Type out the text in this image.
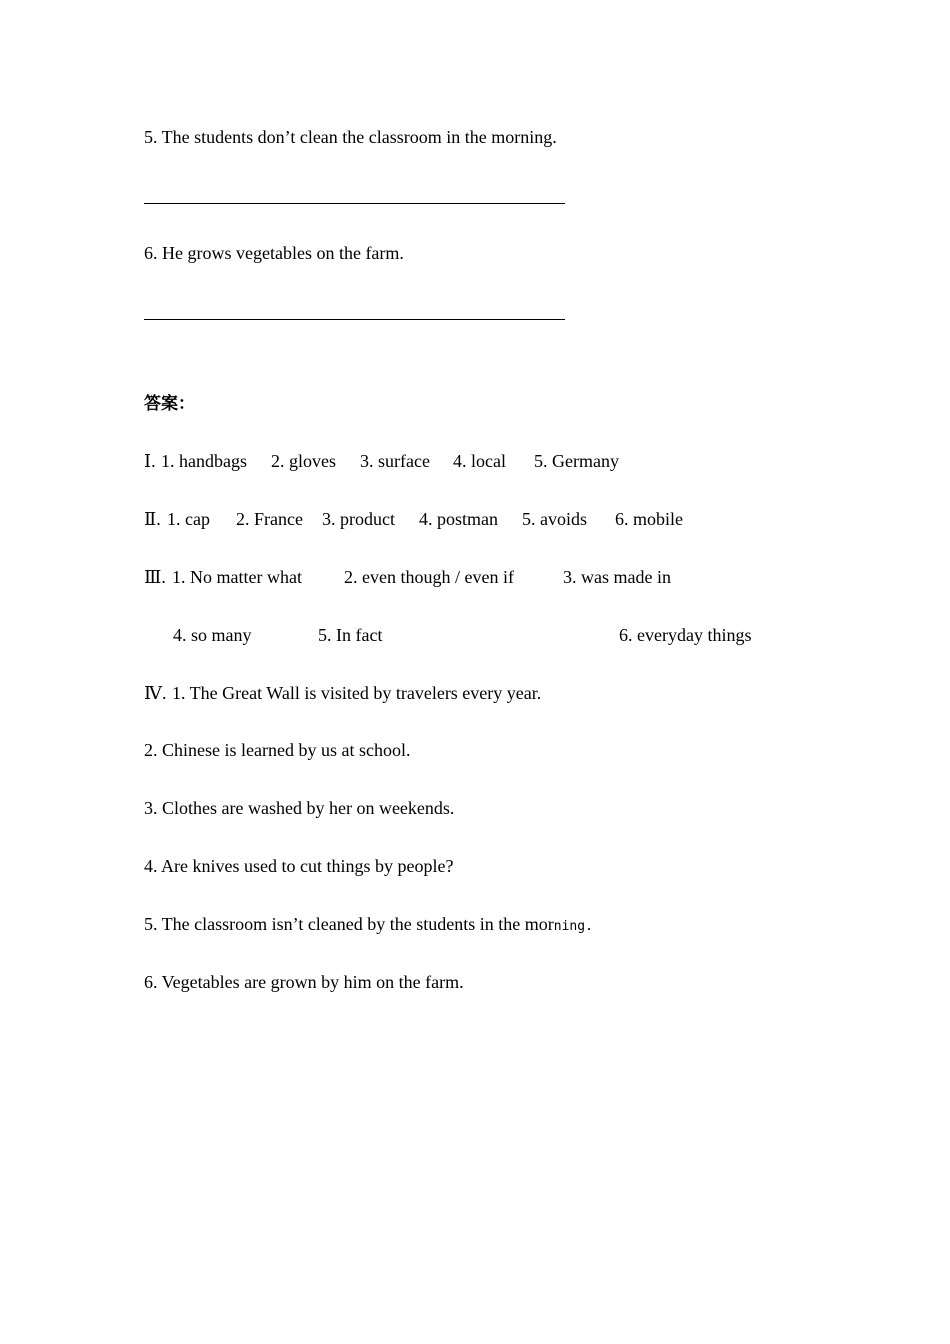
5. The students don’t clean the classroom in the morning.
6. He grows vegetables on the farm.
答案：
Ⅰ. 1. handbags 2. gloves 3. surface 4. local 5. Germany
Ⅱ. 1. cap 2. France 3. product 4. postman 5. avoids 6. mobile
Ⅲ. 1. No matter what 2. even though / even if	3. was made in
4. so many	5. In fact	6. everyday things
Ⅳ. 1. The Great Wall is visited by travelers every year.
2. Chinese is learned by us at school.
3. Clothes are washed by her on weekends.
4. Are knives used to cut things by people?
5. The classroom isn’t cleaned by the students in the morning.
6. Vegetables are grown by him on the farm.
